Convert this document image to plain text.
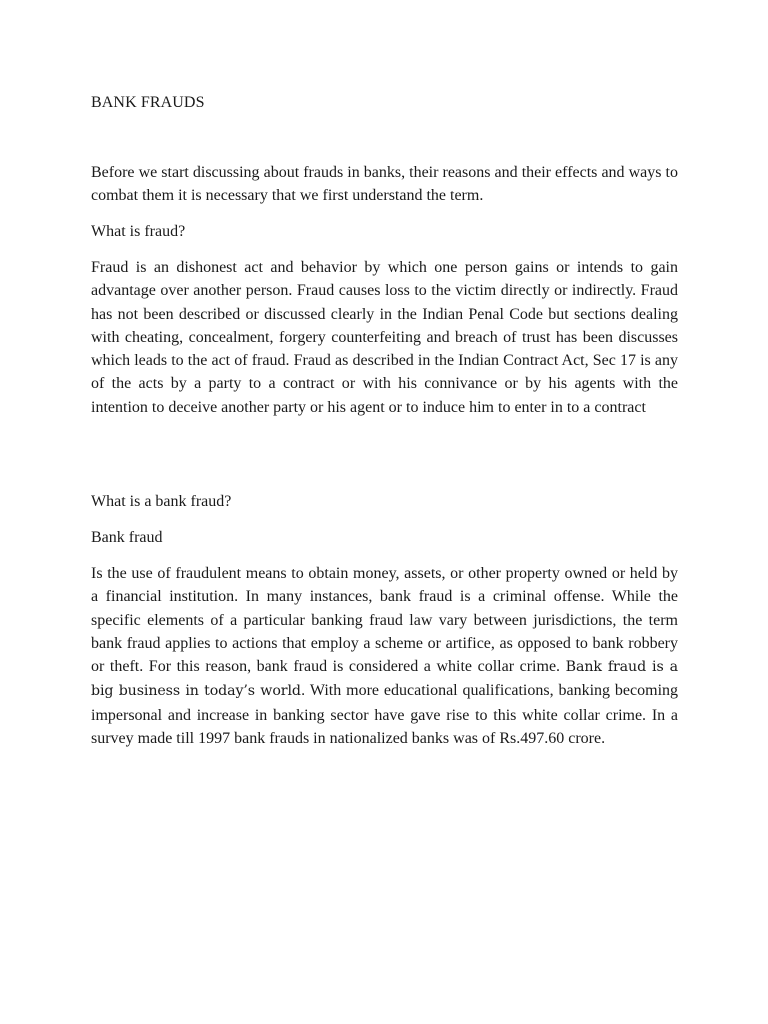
BANK FRAUDS

Before we start discussing about frauds in banks, their reasons and their effects and ways to combat them it is necessary that we first understand the term.

What is fraud?

Fraud is an dishonest act and behavior by which one person gains or intends to gain advantage over another person. Fraud causes loss to the victim directly or indirectly. Fraud has not been described or discussed clearly in the Indian Penal Code but sections dealing with cheating, concealment, forgery counterfeiting and breach of trust has been discusses which leads to the act of fraud. Fraud as described in the Indian Contract Act, Sec 17 is any of the acts by a party to a contract or with his connivance or by his agents with the intention to deceive another party or his agent or to induce him to enter in to a contract

What is a bank fraud?

Bank fraud

Is the use of fraudulent means to obtain money, assets, or other property owned or held by a financial institution. In many instances, bank fraud is a criminal offense. While the specific elements of a particular banking fraud law vary between jurisdictions, the term bank fraud applies to actions that employ a scheme or artifice, as opposed to bank robbery or theft. For this reason, bank fraud is considered a white collar crime. Bank fraud is a big business in today’s world. With more educational qualifications, banking becoming impersonal and increase in banking sector have gave rise to this white collar crime. In a survey made till 1997 bank frauds in nationalized banks was of Rs.497.60 crore.
